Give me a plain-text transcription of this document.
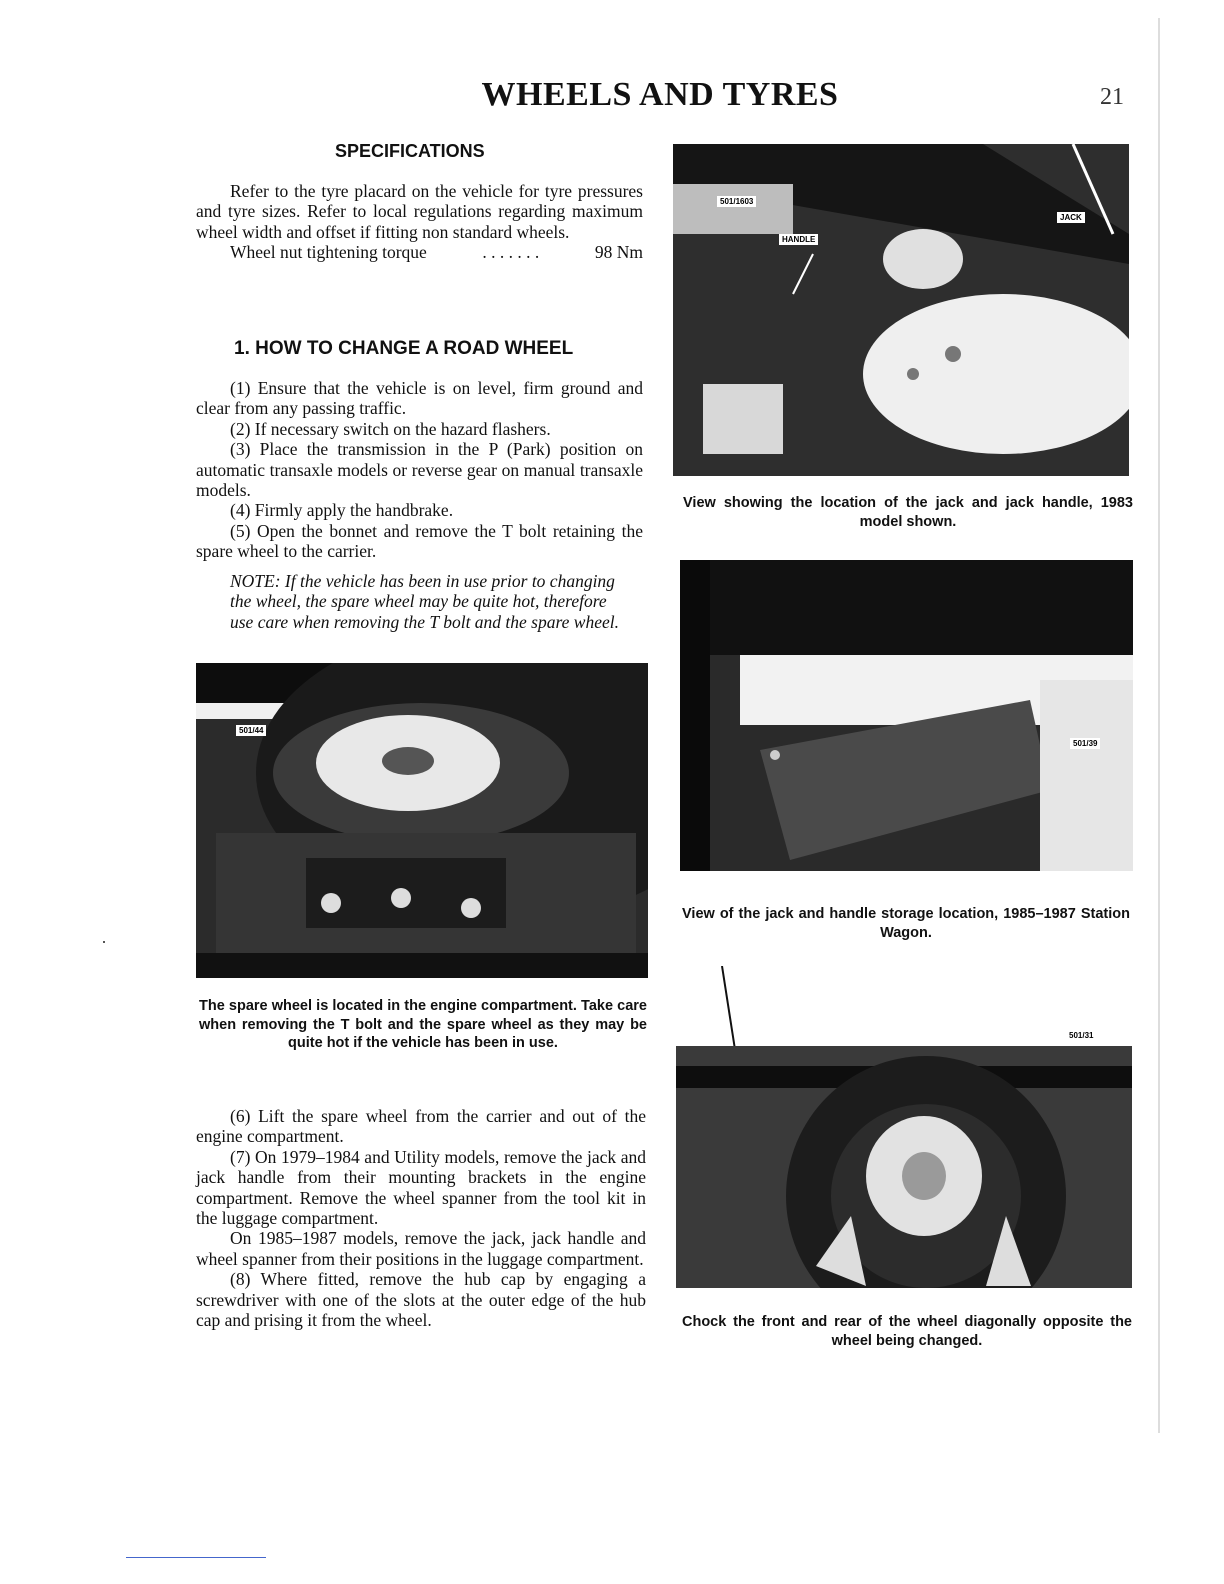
WHEELS AND TYRES	21
SPECIFICATIONS

Refer to the tyre placard on the vehicle for tyre pressures and tyre sizes. Refer to local regulations regarding maximum wheel width and offset if fitting non standard wheels.

Wheel nut tightening torque	. . . . . . .	98 Nm
1. HOW TO CHANGE A ROAD WHEEL

(1) Ensure that the vehicle is on level, firm ground and clear from any passing traffic.

(2) If necessary switch on the hazard flashers.

(3) Place the transmission in the P (Park) position on automatic transaxle models or reverse gear on manual transaxle models.

(4) Firmly apply the handbrake.

(5) Open the bonnet and remove the T bolt retaining the spare wheel to the carrier.

NOTE: If the vehicle has been in use prior to changing the wheel, the spare wheel may be quite hot, therefore use care when removing the T bolt and the spare wheel.
501/44
The spare wheel is located in the engine compartment. Take care when removing the T bolt and the spare wheel as they may be quite hot if the vehicle has been in use.

(6) Lift the spare wheel from the carrier and out of the engine compartment.

(7) On 1979–1984 and Utility models, remove the jack and jack handle from their mounting brackets in the engine compartment. Remove the wheel spanner from the tool kit in the luggage compartment.

On 1985–1987 models, remove the jack, jack handle and wheel spanner from their positions in the luggage compartment.

(8) Where fitted, remove the hub cap by engaging a screwdriver with one of the slots at the outer edge of the hub cap and prising it from the wheel.

501/1603
HANDLE
JACK
View showing the location of the jack and jack handle, 1983 model shown.
501/39
View of the jack and handle storage location, 1985–1987 Station Wagon.
501/31
Chock the front and rear of the wheel diagonally opposite the wheel being changed.
